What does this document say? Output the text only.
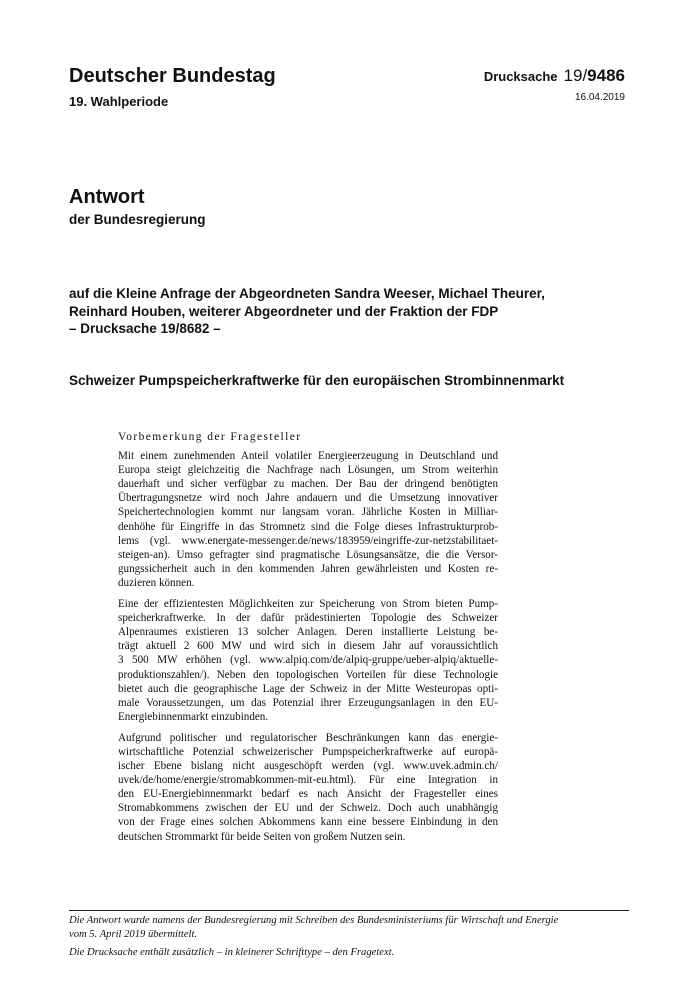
Deutscher Bundestag
19. Wahlperiode
Drucksache 19/9486
16.04.2019
Antwort
der Bundesregierung
auf die Kleine Anfrage der Abgeordneten Sandra Weeser, Michael Theurer,
Reinhard Houben, weiterer Abgeordneter und der Fraktion der FDP
– Drucksache 19/8682 –
Schweizer Pumpspeicherkraftwerke für den europäischen Strombinnenmarkt
Vorbemerkung der Fragesteller
Mit einem zunehmenden Anteil volatiler Energieerzeugung in Deutschland und
Europa steigt gleichzeitig die Nachfrage nach Lösungen, um Strom weiterhin
dauerhaft und sicher verfügbar zu machen. Der Bau der dringend benötigten
Übertragungsnetze wird noch Jahre andauern und die Umsetzung innovativer
Speichertechnologien kommt nur langsam voran. Jährliche Kosten in Milliar-
denhöhe für Eingriffe in das Stromnetz sind die Folge dieses Infrastrukturprob-
lems (vgl. www.energate-messenger.de/news/183959/eingriffe-zur-netzstabilitaet-
steigen-an). Umso gefragter sind pragmatische Lösungsansätze, die die Versor-
gungssicherheit auch in den kommenden Jahren gewährleisten und Kosten re-
duzieren können.
Eine der effizientesten Möglichkeiten zur Speicherung von Strom bieten Pump-
speicherkraftwerke. In der dafür prädestinierten Topologie des Schweizer
Alpenraumes existieren 13 solcher Anlagen. Deren installierte Leistung be-
trägt aktuell 2 600 MW und wird sich in diesem Jahr auf voraussichtlich
3 500 MW erhöhen (vgl. www.alpiq.com/de/alpiq-gruppe/ueber-alpiq/aktuelle-
produktionszahlen/). Neben den topologischen Vorteilen für diese Technologie
bietet auch die geographische Lage der Schweiz in der Mitte Westeuropas opti-
male Voraussetzungen, um das Potenzial ihrer Erzeugungsanlagen in den EU-
Energiebinnenmarkt einzubinden.
Aufgrund politischer und regulatorischer Beschränkungen kann das energie-
wirtschaftliche Potenzial schweizerischer Pumpspeicherkraftwerke auf europä-
ischer Ebene bislang nicht ausgeschöpft werden (vgl. www.uvek.admin.ch/
uvek/de/home/energie/stromabkommen-mit-eu.html). Für eine Integration in
den EU-Energiebinnenmarkt bedarf es nach Ansicht der Fragesteller eines
Stromabkommens zwischen der EU und der Schweiz. Doch auch unabhängig
von der Frage eines solchen Abkommens kann eine bessere Einbindung in den
deutschen Strommarkt für beide Seiten von großem Nutzen sein.
Die Antwort wurde namens der Bundesregierung mit Schreiben des Bundesministeriums für Wirtschaft und Energie
vom 5. April 2019 übermittelt.
Die Drucksache enthält zusätzlich – in kleinerer Schrifttype – den Fragetext.
